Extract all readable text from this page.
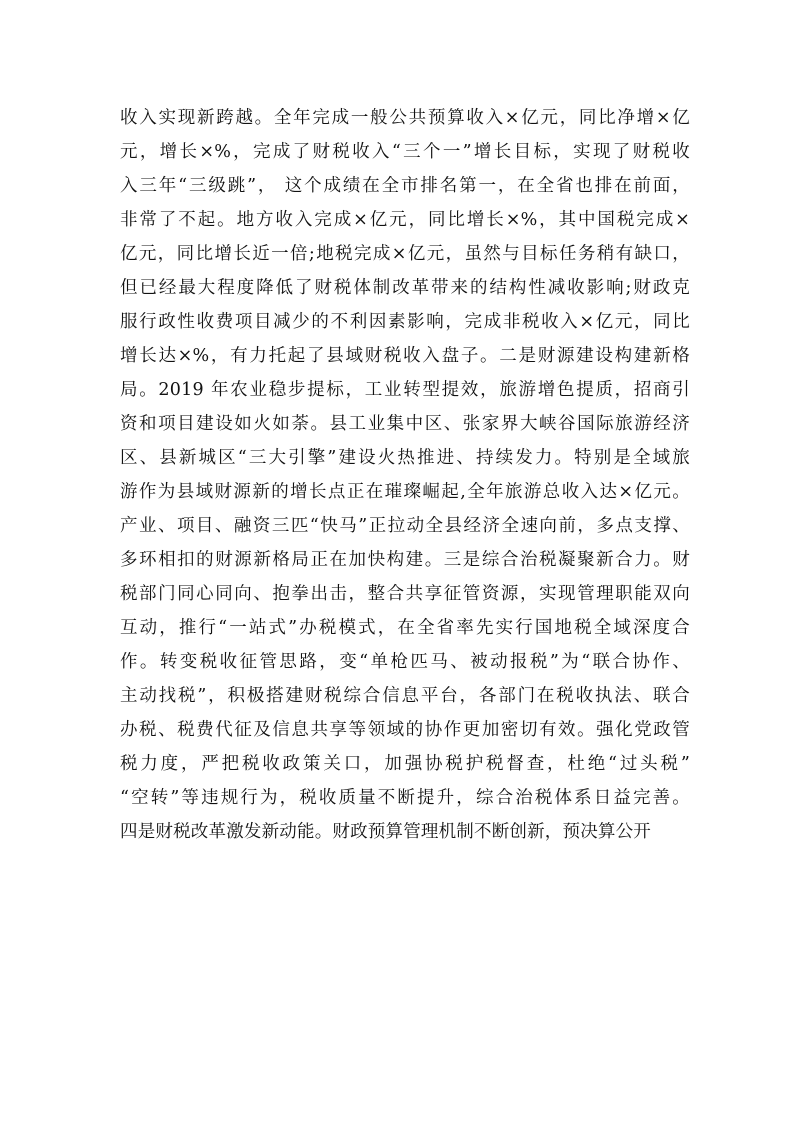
收入实现新跨越。全年完成一般公共预算收入×亿元，同比净增×亿
元，增长×%，完成了财税收入“三个一”增长目标，实现了财税收
入三年“三级跳”， 这个成绩在全市排名第一，在全省也排在前面，
非常了不起。地方收入完成×亿元，同比增长×%，其中国税完成×
亿元，同比增长近一倍;地税完成×亿元，虽然与目标任务稍有缺口，
但已经最大程度降低了财税体制改革带来的结构性减收影响;财政克
服行政性收费项目减少的不利因素影响，完成非税收入×亿元，同比
增长达×%，有力托起了县域财税收入盘子。二是财源建设构建新格
局。2019 年农业稳步提标，工业转型提效，旅游增色提质，招商引
资和项目建设如火如荼。县工业集中区、张家界大峡谷国际旅游经济
区、县新城区“三大引擎”建设火热推进、持续发力。特别是全域旅
游作为县域财源新的增长点正在璀璨崛起,全年旅游总收入达×亿元。
产业、项目、融资三匹“快马”正拉动全县经济全速向前，多点支撑、
多环相扣的财源新格局正在加快构建。三是综合治税凝聚新合力。财
税部门同心同向、抱拳出击，整合共享征管资源，实现管理职能双向
互动，推行“一站式”办税模式，在全省率先实行国地税全域深度合
作。转变税收征管思路，变“单枪匹马、被动报税”为“联合协作、
主动找税”，积极搭建财税综合信息平台，各部门在税收执法、联合
办税、税费代征及信息共享等领域的协作更加密切有效。强化党政管
税力度，严把税收政策关口，加强协税护税督查，杜绝“过头税”
“空转”等违规行为，税收质量不断提升，综合治税体系日益完善。
四是财税改革激发新动能。财政预算管理机制不断创新，预决算公开
